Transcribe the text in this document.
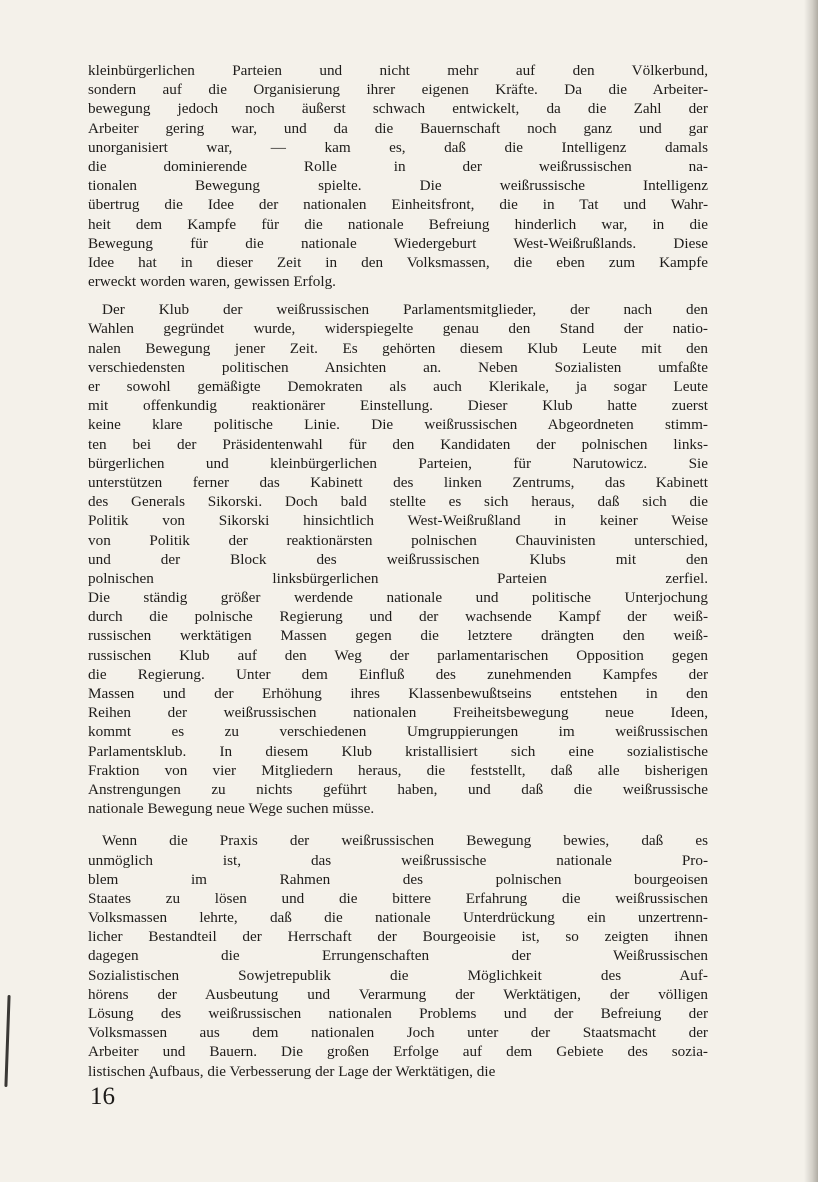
kleinbürgerlichen Parteien und nicht mehr auf den Völkerbund,
sondern auf die Organisierung ihrer eigenen Kräfte. Da die Arbeiter-
bewegung jedoch noch äußerst schwach entwickelt, da die Zahl der
Arbeiter gering war, und da die Bauernschaft noch ganz und gar
unorganisiert war, — kam es, daß die Intelligenz damals
die dominierende Rolle in der weißrussischen na-
tionalen Bewegung spielte. Die weißrussische Intelligenz
übertrug die Idee der nationalen Einheitsfront, die in Tat und Wahr-
heit dem Kampfe für die nationale Befreiung hinderlich war, in die
Bewegung für die nationale Wiedergeburt West-Weißrußlands. Diese
Idee hat in dieser Zeit in den Volksmassen, die eben zum Kampfe
erweckt worden waren, gewissen Erfolg.
Der Klub der weißrussischen Parlamentsmitglieder, der nach den
Wahlen gegründet wurde, widerspiegelte genau den Stand der natio-
nalen Bewegung jener Zeit. Es gehörten diesem Klub Leute mit den
verschiedensten politischen Ansichten an. Neben Sozialisten umfaßte
er sowohl gemäßigte Demokraten als auch Klerikale, ja sogar Leute
mit offenkundig reaktionärer Einstellung. Dieser Klub hatte zuerst
keine klare politische Linie. Die weißrussischen Abgeordneten stimm-
ten bei der Präsidentenwahl für den Kandidaten der polnischen links-
bürgerlichen und kleinbürgerlichen Parteien, für Narutowicz. Sie
unterstützen ferner das Kabinett des linken Zentrums, das Kabinett
des Generals Sikorski. Doch bald stellte es sich heraus, daß sich die
Politik von Sikorski hinsichtlich West-Weißrußland in keiner Weise
von Politik der reaktionärsten polnischen Chauvinisten unterschied,
und der Block des weißrussischen Klubs mit den
polnischen linksbürgerlichen Parteien zerfiel.
Die ständig größer werdende nationale und politische Unterjochung
durch die polnische Regierung und der wachsende Kampf der weiß-
russischen werktätigen Massen gegen die letztere drängten den weiß-
russischen Klub auf den Weg der parlamentarischen Opposition gegen
die Regierung. Unter dem Einfluß des zunehmenden Kampfes der
Massen und der Erhöhung ihres Klassenbewußtseins entstehen in den
Reihen der weißrussischen nationalen Freiheitsbewegung neue Ideen,
kommt es zu verschiedenen Umgruppierungen im weißrussischen
Parlamentsklub. In diesem Klub kristallisiert sich eine sozialistische
Fraktion von vier Mitgliedern heraus, die feststellt, daß alle bisherigen
Anstrengungen zu nichts geführt haben, und daß die weißrussische
nationale Bewegung neue Wege suchen müsse.
Wenn die Praxis der weißrussischen Bewegung bewies, daß es
unmöglich ist, das weißrussische nationale Pro-
blem im Rahmen des polnischen bourgeoisen
Staates zu lösen und die bittere Erfahrung die weißrussischen
Volksmassen lehrte, daß die nationale Unterdrückung ein unzertrenn-
licher Bestandteil der Herrschaft der Bourgeoisie ist, so zeigten ihnen
dagegen die Errungenschaften der Weißrussischen
Sozialistischen Sowjetrepublik die Möglichkeit des Auf-
hörens der Ausbeutung und Verarmung der Werktätigen, der völligen
Lösung des weißrussischen nationalen Problems und der Befreiung der
Volksmassen aus dem nationalen Joch unter der Staatsmacht der
Arbeiter und Bauern. Die großen Erfolge auf dem Gebiete des sozia-
listischen Aufbaus, die Verbesserung der Lage der Werktätigen, die
16
